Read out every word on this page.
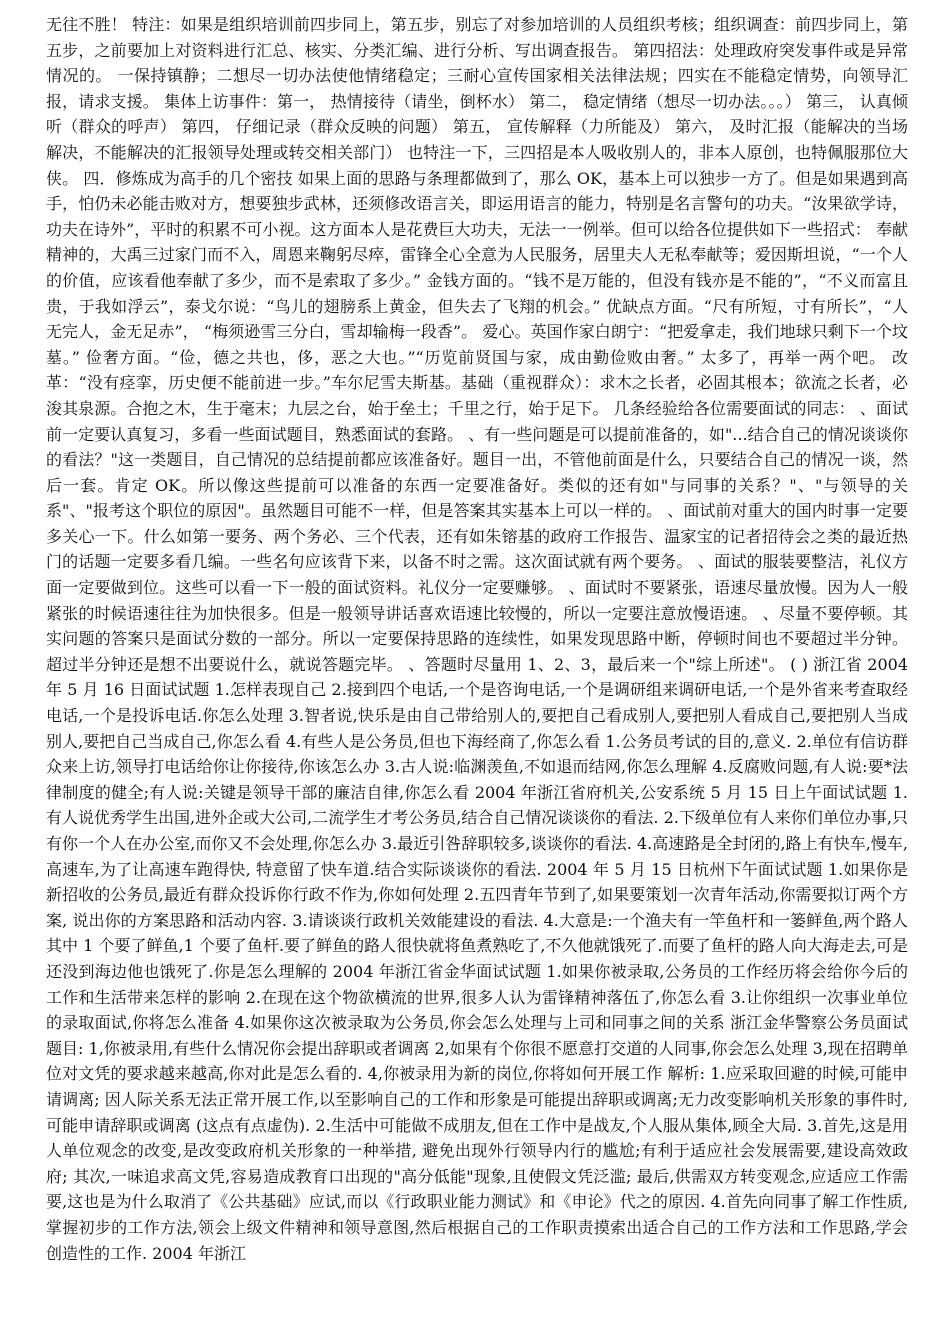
无往不胜！ 特注：如果是组织培训前四步同上，第五步，别忘了对参加培训的人员组织考核；组织调查：前四步同上，第五步，之前要加上对资料进行汇总、核实、分类汇编、进行分析、写出调查报告。 第四招法：处理政府突发事件或是异常情况的。 一保持镇静；二想尽一切办法使他情绪稳定；三耐心宣传国家相关法律法规；四实在不能稳定情势，向领导汇报，请求支援。 集体上访事件：第一， 热情接待（请坐，倒杯水） 第二， 稳定情绪（想尽一切办法。。。） 第三， 认真倾听（群众的呼声） 第四， 仔细记录（群众反映的问题） 第五， 宣传解释（力所能及） 第六， 及时汇报（能解决的当场解决，不能解决的汇报领导处理或转交相关部门） 也特注一下，三四招是本人吸收别人的，非本人原创，也特佩服那位大侠。 四．修炼成为高手的几个密技 如果上面的思路与条理都做到了，那么 OK，基本上可以独步一方了。但是如果遇到高手，怕仍未必能击败对方，想要独步武林，还须修改语言关，即运用语言的能力，特别是名言警句的功夫。“汝果欲学诗，功夫在诗外”，平时的积累不可小视。这方面本人是花费巨大功夫，无法一一例举。但可以给各位提供如下一些招式： 奉献精神的，大禹三过家门而不入，周恩来鞠躬尽瘁，雷锋全心全意为人民服务，居里夫人无私奉献等；爱因斯坦说，“一个人的价值，应该看他奉献了多少，而不是索取了多少。” 金钱方面的。“钱不是万能的，但没有钱亦是不能的”，“不义而富且贵，于我如浮云”，泰戈尔说：“鸟儿的翅膀系上黄金，但失去了飞翔的机会。” 优缺点方面。“尺有所短，寸有所长”，“人无完人，金无足赤”， “梅须逊雪三分白，雪却输梅一段香”。 爱心。英国作家白朗宁：“把爱拿走，我们地球只剩下一个坟墓。” 俭奢方面。“俭，德之共也，侈，恶之大也。”“历览前贤国与家，成由勤俭败由奢。” 太多了，再举一两个吧。 改革：“没有痉挛，历史便不能前进一步。”车尔尼雪夫斯基。基础（重视群众）：求木之长者，必固其根本；欲流之长者，必浚其泉源。合抱之木，生于毫末；九层之台，始于垒土；千里之行，始于足下。 几条经验给各位需要面试的同志： 、面试前一定要认真复习，多看一些面试题目，熟悉面试的套路。 、有一些问题是可以提前准备的，如"...结合自己的情况谈谈你的看法？"这一类题目，自己情况的总结提前都应该准备好。题目一出，不管他前面是什么，只要结合自己的情况一谈，然后一套。肯定 OK。所以像这些提前可以准备的东西一定要准备好。类似的还有如"与同事的关系？"、"与领导的关系"、"报考这个职位的原因"。虽然题目可能不一样，但是答案其实基本上可以一样的。 、面试前对重大的国内时事一定要多关心一下。什么如第一要务、两个务必、三个代表，还有如朱镕基的政府工作报告、温家宝的记者招待会之类的最近热门的话题一定要多看几编。一些名句应该背下来，以备不时之需。这次面试就有两个要务。 、面试的服装要整洁，礼仪方面一定要做到位。这些可以看一下一般的面试资料。礼仪分一定要赚够。 、面试时不要紧张，语速尽量放慢。因为人一般紧张的时候语速往往为加快很多。但是一般领导讲话喜欢语速比较慢的，所以一定要注意放慢语速。 、尽量不要停顿。其实问题的答案只是面试分数的一部分。所以一定要保持思路的连续性，如果发现思路中断，停顿时间也不要超过半分钟。超过半分钟还是想不出要说什么，就说答题完毕。 、答题时尽量用 1、2、3，最后来一个"综上所述"。 ( ) 浙江省 2004 年 5 月 16 日面试试题 1.怎样表现自己 2.接到四个电话,一个是咨询电话,一个是调研组来调研电话,一个是外省来考查取经电话,一个是投诉电话.你怎么处理 3.智者说,快乐是由自己带给别人的,要把自己看成别人,要把别人看成自己,要把别人当成别人,要把自己当成自己,你怎么看 4.有些人是公务员,但也下海经商了,你怎么看 1.公务员考试的目的,意义. 2.单位有信访群众来上访,领导打电话给你让你接待,你该怎么办 3.古人说:临渊羡鱼,不如退而结网,你怎么理解 4.反腐败问题,有人说:要*法律制度的健全;有人说:关键是领导干部的廉洁自律,你怎么看 2004 年浙江省府机关,公安系统 5 月 15 日上午面试试题 1.有人说优秀学生出国,进外企或大公司,二流学生才考公务员,结合自己情况谈谈你的看法. 2.下级单位有人来你们单位办事,只有你一个人在办公室,而你又不会处理,你怎么办 3.最近引咎辞职较多,谈谈你的看法. 4.高速路是全封闭的,路上有快车,慢车,高速车,为了让高速车跑得快, 特意留了快车道.结合实际谈谈你的看法. 2004 年 5 月 15 日杭州下午面试试题 1.如果你是新招收的公务员,最近有群众投诉你行政不作为,你如何处理 2.五四青年节到了,如果要策划一次青年活动,你需要拟订两个方案, 说出你的方案思路和活动内容. 3.请谈谈行政机关效能建设的看法. 4.大意是:一个渔夫有一竿鱼杆和一篓鲜鱼,两个路人其中 1 个要了鲜鱼,1 个要了鱼杆.要了鲜鱼的路人很快就将鱼煮熟吃了,不久他就饿死了.而要了鱼杆的路人向大海走去,可是还没到海边他也饿死了.你是怎么理解的 2004 年浙江省金华面试试题 1.如果你被录取,公务员的工作经历将会给你今后的工作和生活带来怎样的影响 2.在现在这个物欲横流的世界,很多人认为雷锋精神落伍了,你怎么看 3.让你组织一次事业单位的录取面试,你将怎么准备 4.如果你这次被录取为公务员,你会怎么处理与上司和同事之间的关系 浙江金华警察公务员面试题目: 1,你被录用,有些什么情况你会提出辞职或者调离 2,如果有个你很不愿意打交道的人同事,你会怎么处理 3,现在招聘单位对文凭的要求越来越高,你对此是怎么看的. 4,你被录用为新的岗位,你将如何开展工作 解析: 1.应采取回避的时候,可能申请调离; 因人际关系无法正常开展工作,以至影响自己的工作和形象是可能提出辞职或调离;无力改变影响机关形象的事件时,可能申请辞职或调离 (这点有点虚伪). 2.生活中可能做不成朋友,但在工作中是战友,个人服从集体,顾全大局. 3.首先,这是用人单位观念的改变,是改变政府机关形象的一种举措, 避免出现外行领导内行的尴尬;有利于适应社会发展需要,建设高效政府; 其次,一味追求高文凭,容易造成教育口出现的"高分低能"现象,且使假文凭泛滥; 最后,供需双方转变观念,应适应工作需要,这也是为什么取消了《公共基础》应试,而以《行政职业能力测试》和《申论》代之的原因. 4.首先向同事了解工作性质,掌握初步的工作方法,领会上级文件精神和领导意图,然后根据自己的工作职责摸索出适合自己的工作方法和工作思路,学会创造性的工作. 2004 年浙江
